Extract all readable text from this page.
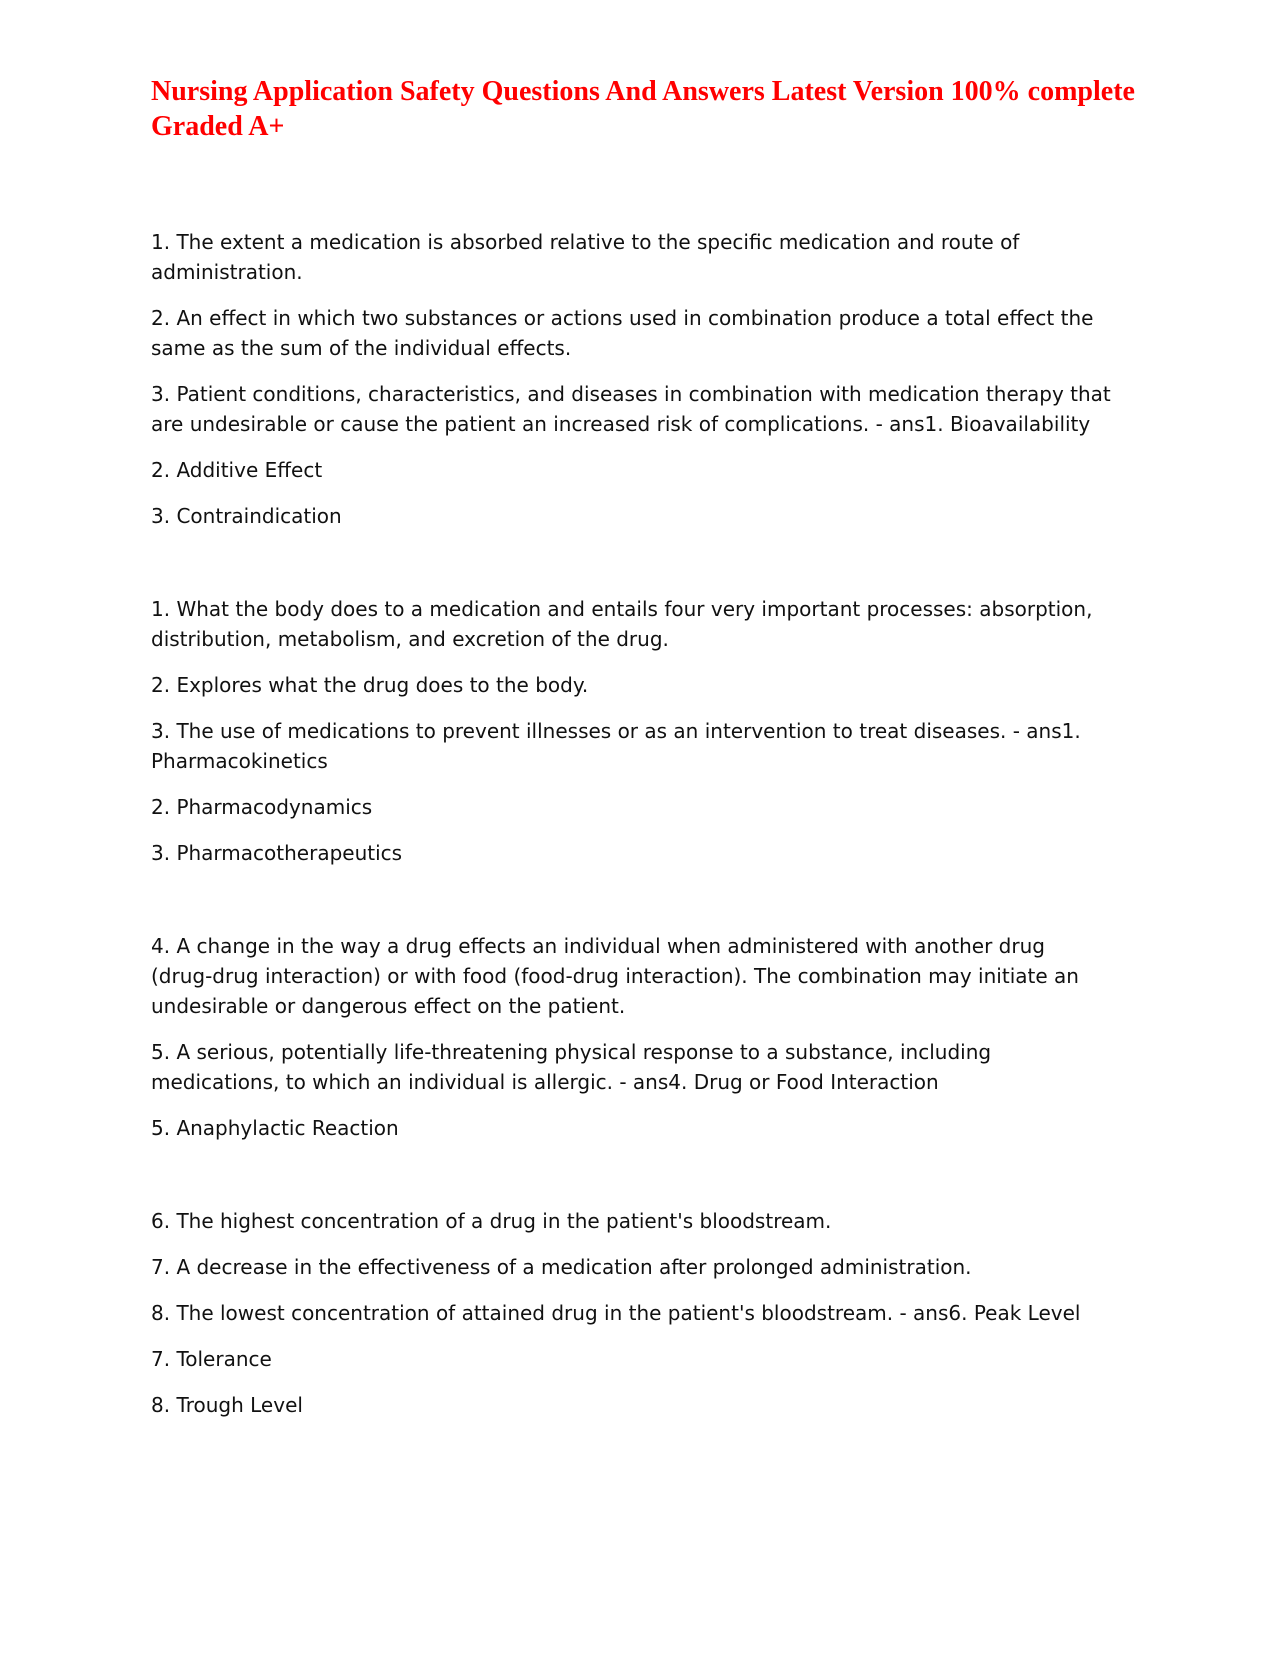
Nursing Application Safety Questions And Answers Latest Version 100% complete Graded A+

1. The extent a medication is absorbed relative to the specific medication and route of administration.

2. An effect in which two substances or actions used in combination produce a total effect the same as the sum of the individual effects.

3. Patient conditions, characteristics, and diseases in combination with medication therapy that are undesirable or cause the patient an increased risk of complications. - ans1. Bioavailability

2. Additive Effect

3. Contraindication

1. What the body does to a medication and entails four very important processes: absorption, distribution, metabolism, and excretion of the drug.

2. Explores what the drug does to the body.

3. The use of medications to prevent illnesses or as an intervention to treat diseases. - ans1. Pharmacokinetics

2. Pharmacodynamics

3. Pharmacotherapeutics

4. A change in the way a drug effects an individual when administered with another drug (drug-drug interaction) or with food (food-drug interaction). The combination may initiate an undesirable or dangerous effect on the patient.

5. A serious, potentially life-threatening physical response to a substance, including medications, to which an individual is allergic. - ans4. Drug or Food Interaction

5. Anaphylactic Reaction

6. The highest concentration of a drug in the patient's bloodstream.

7. A decrease in the effectiveness of a medication after prolonged administration.

8. The lowest concentration of attained drug in the patient's bloodstream. - ans6. Peak Level

7. Tolerance

8. Trough Level
